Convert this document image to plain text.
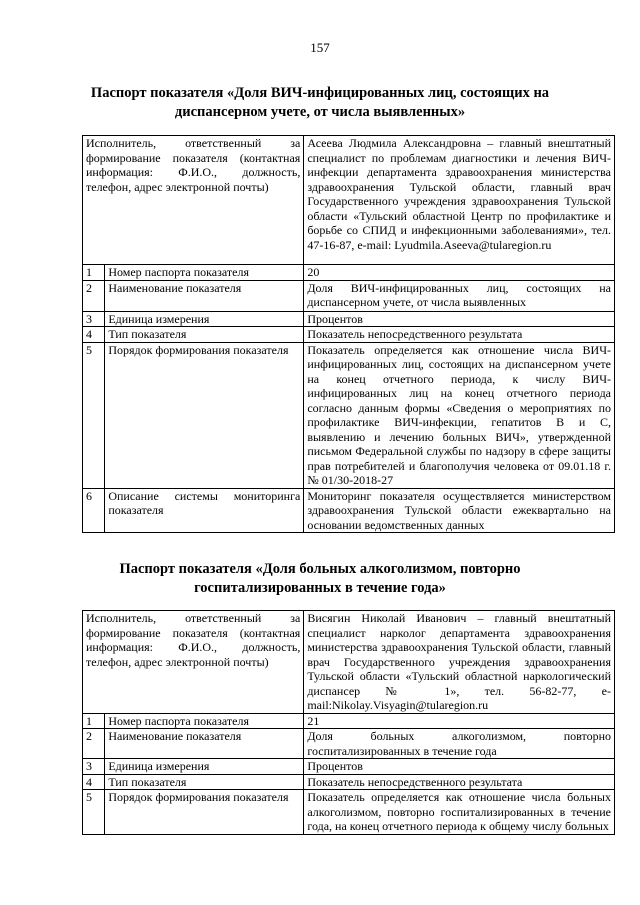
157
Паспорт показателя «Доля ВИЧ-инфицированных лиц, состоящих на
диспансерном учете, от числа выявленных»
Исполнитель, ответственный за формирование показателя (контактная информация: Ф.И.О., должность, телефон, адрес электронной почты)		Асеева Людмила Александровна – главный внештатный специалист по проблемам диагностики и лечения ВИЧ-инфекции департамента здравоохранения министерства здравоохранения Тульской области, главный врач Государственного учреждения здравоохранения Тульской области «Тульский областной Центр по профилактике и борьбе со СПИД и инфекционными заболеваниями», тел. 47-16-87, e-mail: Lyudmila.Aseeva@tularegion.ru
1	Номер паспорта показателя	20
2	Наименование показателя	Доля ВИЧ-инфицированных лиц, состоящих на диспансерном учете, от числа выявленных
3	Единица измерения	Процентов
4	Тип показателя	Показатель непосредственного результата
5	Порядок формирования показателя	Показатель определяется как отношение числа ВИЧ-инфицированных лиц, состоящих на диспансерном учете на конец отчетного периода, к числу ВИЧ-инфицированных лиц на конец отчетного периода согласно данным формы «Сведения о мероприятиях по профилактике ВИЧ-инфекции, гепатитов В и С, выявлению и лечению больных ВИЧ», утвержденной письмом Федеральной службы по надзору в сфере защиты прав потребителей и благополучия человека от 09.01.18 г. № 01/30-2018-27
6	Описание системы мониторинга показателя	Мониторинг показателя осуществляется министерством здравоохранения Тульской области ежеквартально на основании ведомственных данных
Паспорт показателя «Доля больных алкоголизмом, повторно
госпитализированных в течение года»
Исполнитель, ответственный за формирование показателя (контактная информация: Ф.И.О., должность, телефон, адрес электронной почты)		Висягин Николай Иванович – главный внештатный специалист нарколог департамента здравоохранения министерства здравоохранения Тульской области, главный врач Государственного учреждения здравоохранения Тульской области «Тульский областной наркологический диспансер № 1», тел. 56-82-77, e-mail:Nikolay.Visyagin@tularegion.ru
1	Номер паспорта показателя	21
2	Наименование показателя	Доля больных алкоголизмом, повторно госпитализированных в течение года
3	Единица измерения	Процентов
4	Тип показателя	Показатель непосредственного результата
5	Порядок формирования показателя	Показатель определяется как отношение числа больных алкоголизмом, повторно госпитализированных в течение года, на конец отчетного периода к общему числу больных
